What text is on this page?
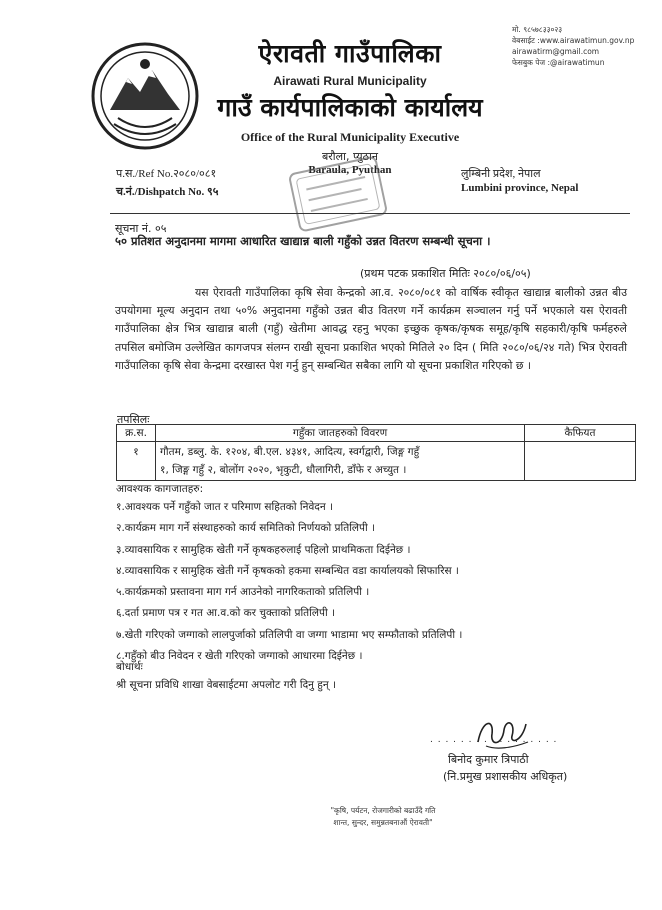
ऐरावती गाउँपालिका
Airawati Rural Municipality
गाउँ कार्यपालिकाको कार्यालय
Office of the Rural Municipality Executive
बरौला, प्युठान
Baraula, Pyuthan
मो. ९८५७८३३०२३
वेबसाईट :www.airawatimun.gov.np
airawatirm@gmail.com
फेसबुक पेज :@airawatimun
प.स./Ref No.२०८०/०८१
च.नं./Dishpatch No. ९५
लुम्बिनी प्रदेश, नेपाल
Lumbini province, Nepal
सूचना नं. ०५
५० प्रतिशत अनुदानमा मागमा आधारित खाद्यान्न बाली गहुँको उन्नत वितरण सम्बन्धी सूचना ।
(प्रथम पटक प्रकाशित मितिः २०८०/०६/०५)
यस ऐरावती गाउँपालिका कृषि सेवा केन्द्रको आ.व. २०८०/०८१ को वार्षिक स्वीकृत खाद्यान्न बालीको उन्नत बीउ उपयोगमा मूल्य अनुदान तथा ५०% अनुदानमा गहुँको उन्नत बीउ वितरण गर्ने कार्यक्रम सञ्चालन गर्नु पर्ने भएकाले यस ऐरावती गाउँपालिका क्षेत्र भित्र खाद्यान्न बाली (गहुँ) खेतीमा आवद्ध रहनु भएका इच्छुक कृषक/कृषक समूह/कृषि सहकारी/कृषि फर्महरुले तपसिल बमोजिम उल्लेखित कागजपत्र संलग्न राखी सूचना प्रकाशित भएको मितिले २० दिन ( मिति २०८०/०६/२४ गते) भित्र ऐरावती गाउँपालिका कृषि सेवा केन्द्रमा दरखास्त पेश गर्नु हुन् सम्बन्धित सबैका लागि यो सूचना प्रकाशित गरिएको छ ।
तपसिलः
क्र.स.	गहुँका जातहरुको विवरण	कैफियत
१	गौतम, डब्लु. के. १२०४, बी.एल. ४३४१, आदित्य, स्वर्गद्वारी, जिङ्ग गहुँ
१, जिङ्ग गहुँ २, बोलोंग २०२०, भृकुटी, धौलागिरी, डाँफे र अच्युत ।	

आवश्यक कागजातहरु:
१.आवश्यक पर्ने गहुँको जात र परिमाण सहितको निवेदन ।
२.कार्यक्रम माग गर्ने संस्थाहरुको कार्य समितिको निर्णयको प्रतिलिपी ।
३.व्यावसायिक र सामुहिक खेती गर्ने कृषकहरुलाई पहिलो प्राथमिकता दिईनेछ ।
४.व्यावसायिक र सामुहिक खेती गर्ने कृषकको हकमा सम्बन्धित वडा कार्यालयको सिफारिस ।
५.कार्यक्रमको प्रस्तावना माग गर्न आउनेको नागरिकताको प्रतिलिपी ।
६.दर्ता प्रमाण पत्र र गत आ.व.को कर चुक्ताको प्रतिलिपी ।
७.खेती गरिएको जग्गाको लालपुर्जाको प्रतिलिपी वा जग्गा भाडामा भए सम्फौताको प्रतिलिपी ।
८.गहुँको बीउ निवेदन र खेती गरिएको जग्गाको आधारमा दिईनेछ ।
बोधार्थः
श्री सूचना प्रविधि शाखा वेबसाईटमा अपलोट गरी दिनु हुन् ।
. . . . . . . . . . . . . . . . .
बिनोद कुमार त्रिपाठी
(नि.प्रमुख प्रशासकीय अधिकृत)
"कृषि, पर्यटन, रोजगारीको बढाउँदै गति
शान्त, सुन्दर, समुन्नतबनाऔं ऐरावती"
